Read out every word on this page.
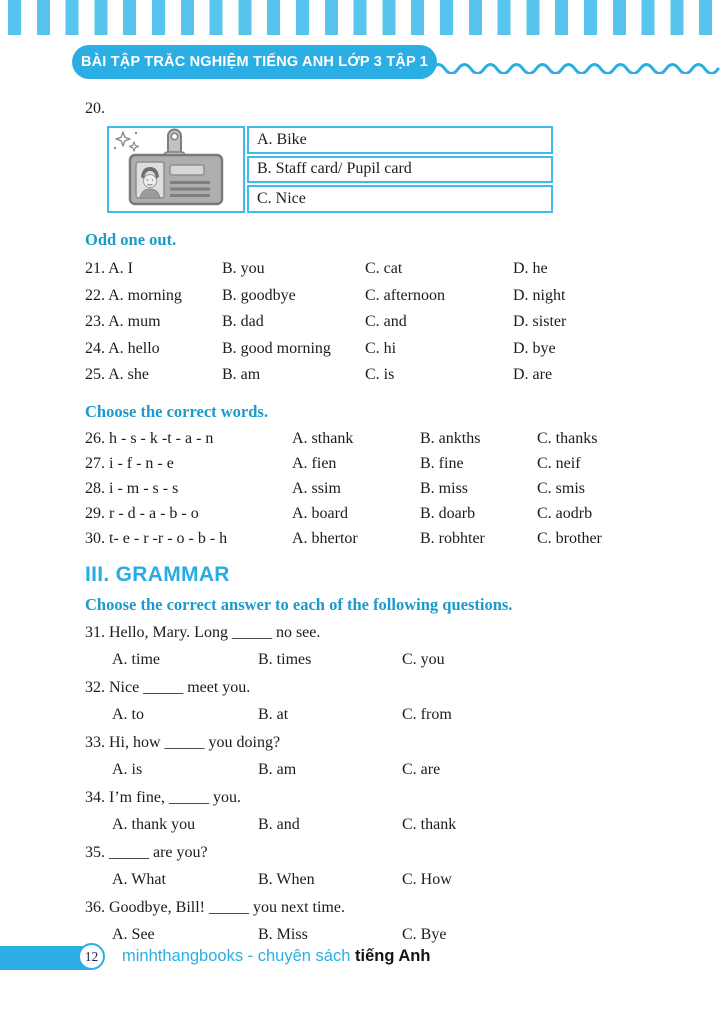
BÀI TẬP TRẮC NGHIỆM TIẾNG ANH LỚP 3 TẬP 1
20.
	A. Bike
B. Staff card/ Pupil card
C. Nice
Odd one out.
21. A. I	B. you	C. cat	D. he
22. A. morning	B. goodbye	C. afternoon	D. night
23. A. mum	B. dad	C. and	D. sister
24. A. hello	B. good morning	C. hi	D. bye
25. A. she	B. am	C. is	D. are
Choose the correct words.
26. h - s - k -t - a - n	A. sthank	B. ankths	C. thanks
27. i - f - n - e	A. fien	B. fine	C. neif
28. i - m - s - s	A. ssim	B. miss	C. smis
29. r - d - a - b - o	A. board	B. doarb	C. aodrb
30. t- e - r -r - o - b - h	A. bhertor	B. robhter	C. brother
III. GRAMMAR
Choose the correct answer to each of the following questions.
31. Hello, Mary. Long _____ no see.
A. time	B. times	C. you
32. Nice _____ meet you.
A. to	B. at	C. from
33. Hi, how _____ you doing?
A. is	B. am	C. are
34. I’m fine, _____ you.
A. thank you	B. and	C. thank
35. _____ are you?
A. What	B. When	C. How
36. Goodbye, Bill! _____ you next time.
A. See	B. Miss	C. Bye
12 minhthangbooks - chuyên sách tiếng Anh
